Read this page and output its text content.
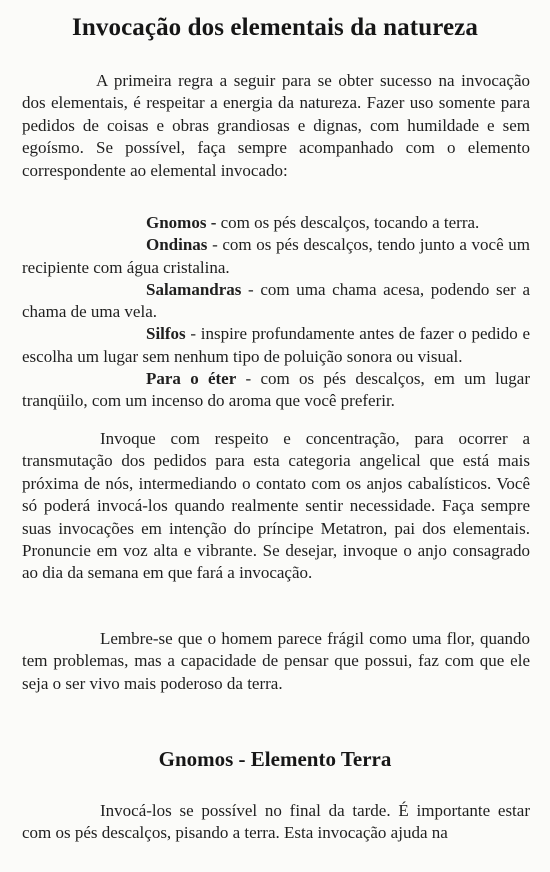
Invocação dos elementais da natureza

A primeira regra a seguir para se obter sucesso na invocação dos elementais, é respeitar a energia da natureza. Fazer uso somente para pedidos de coisas e obras grandiosas e dignas, com humildade e sem egoísmo. Se possível, faça sempre acompanhado com o elemento correspondente ao elemental invocado:

Gnomos - com os pés descalços, tocando a terra.

Ondinas - com os pés descalços, tendo junto a você um recipiente com água cristalina.

Salamandras - com uma chama acesa, podendo ser a chama de uma vela.

Silfos - inspire profundamente antes de fazer o pedido e escolha um lugar sem nenhum tipo de poluição sonora ou visual.

Para o éter - com os pés descalços, em um lugar tranqüilo, com um incenso do aroma que você preferir.

Invoque com respeito e concentração, para ocorrer a transmutação dos pedidos para esta categoria angelical que está mais próxima de nós, intermediando o contato com os anjos cabalísticos. Você só poderá invocá-los quando realmente sentir necessidade. Faça sempre suas invocações em intenção do príncipe Metatron, pai dos elementais. Pronuncie em voz alta e vibrante. Se desejar, invoque o anjo consagrado ao dia da semana em que fará a invocação.

Lembre-se que o homem parece frágil como uma flor, quando tem problemas, mas a capacidade de pensar que possui, faz com que ele seja o ser vivo mais poderoso da terra.

Gnomos - Elemento Terra

Invocá-los se possível no final da tarde. É importante estar com os pés descalços, pisando a terra. Esta invocação ajuda na
